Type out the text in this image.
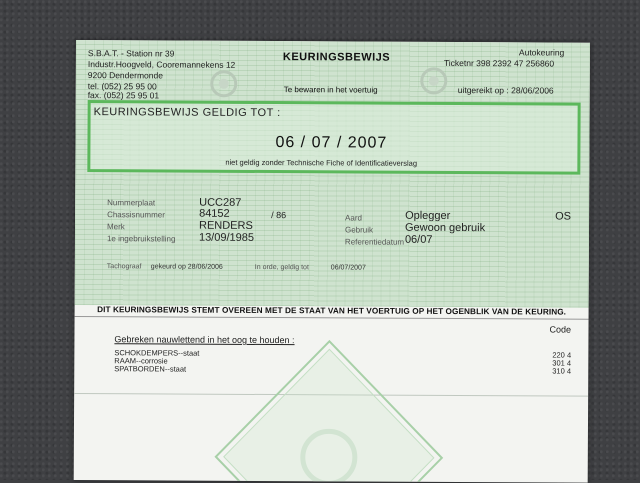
S.B.A.T. - Station nr 39
Industr.Hoogveld, Cooremannekens 12
9200 Dendermonde
tel. (052) 25 95 00
fax. (052) 25 95 01
KEURINGSBEWIJS
Te bewaren in het voertuig
Autokeuring
Ticketnr 398 2392 47 256860
uitgereikt op : 28/06/2006
KEURINGSBEWIJS GELDIG TOT :
06 / 07 / 2007
niet geldig zonder Technische Fiche of Identificatieverslag
Nummerplaat	UCC287
Chassisnummer	84152	/ 86
Merk	RENDERS
1e ingebruikstelling 13/09/1985
Aard	Oplegger	OS
Gebruik	Gewoon gebruik
Referentiedatum 06/07
Tachograaf gekeurd op 28/06/2006	In orde, geldig tot	06/07/2007
DIT KEURINGSBEWIJS STEMT OVEREEN MET DE STAAT VAN HET VOERTUIG OP HET OGENBLIK VAN DE KEURING.
Code
Gebreken nauwlettend in het oog te houden :
SCHOKDEMPERS--staat	220 4
RAAM--corrosie	301 4
SPATBORDEN--staat	310 4
